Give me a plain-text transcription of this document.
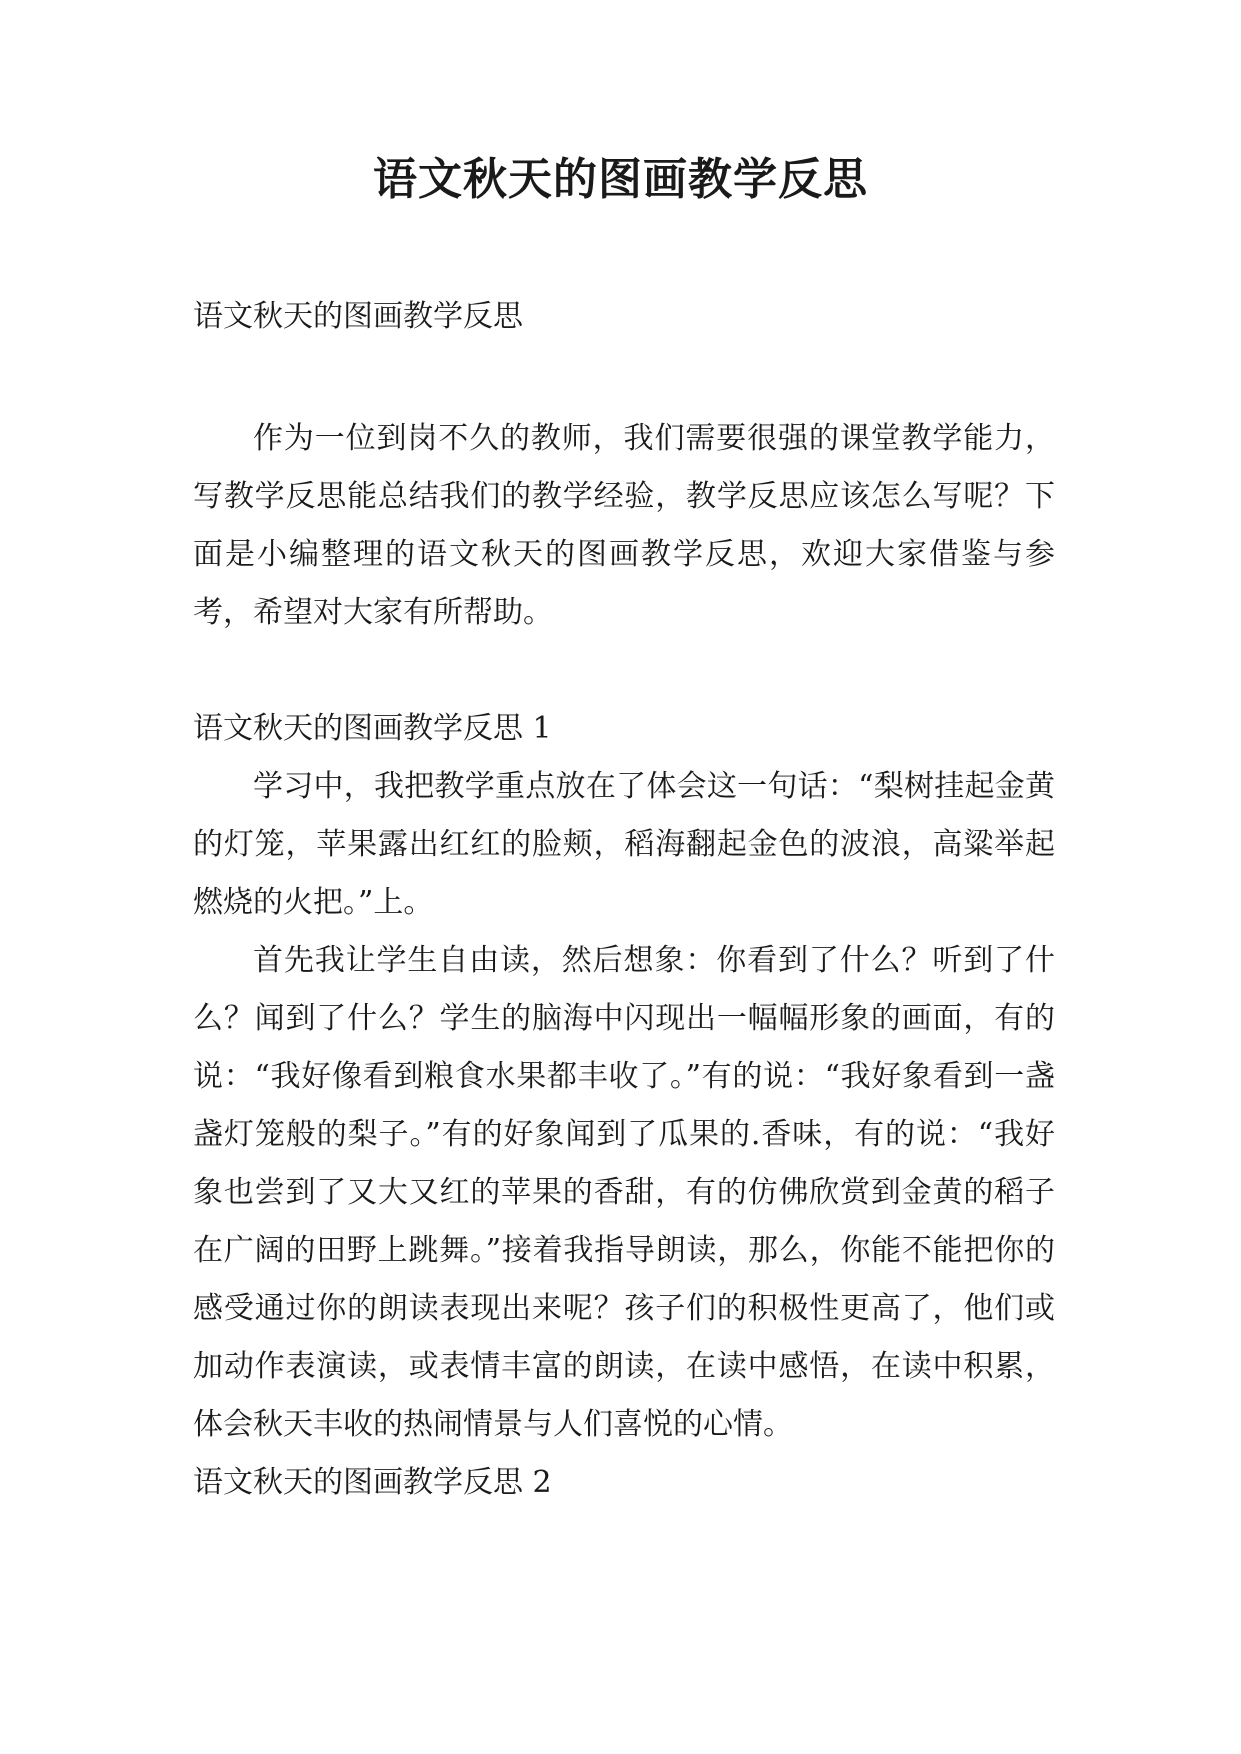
语文秋天的图画教学反思

语文秋天的图画教学反思

作为一位到岗不久的教师，我们需要很强的课堂教学能力，写教学反思能总结我们的教学经验，教学反思应该怎么写呢？下面是小编整理的语文秋天的图画教学反思，欢迎大家借鉴与参考，希望对大家有所帮助。

语文秋天的图画教学反思 1

学习中，我把教学重点放在了体会这一句话：“梨树挂起金黄的灯笼，苹果露出红红的脸颊，稻海翻起金色的波浪，高粱举起燃烧的火把。”上。

首先我让学生自由读，然后想象：你看到了什么？听到了什么？闻到了什么？学生的脑海中闪现出一幅幅形象的画面，有的说：“我好像看到粮食水果都丰收了。”有的说：“我好象看到一盏盏灯笼般的梨子。”有的好象闻到了瓜果的.香味，有的说：“我好象也尝到了又大又红的苹果的香甜，有的仿佛欣赏到金黄的稻子在广阔的田野上跳舞。”接着我指导朗读，那么，你能不能把你的感受通过你的朗读表现出来呢？孩子们的积极性更高了，他们或加动作表演读，或表情丰富的朗读，在读中感悟，在读中积累，体会秋天丰收的热闹情景与人们喜悦的心情。

语文秋天的图画教学反思 2
